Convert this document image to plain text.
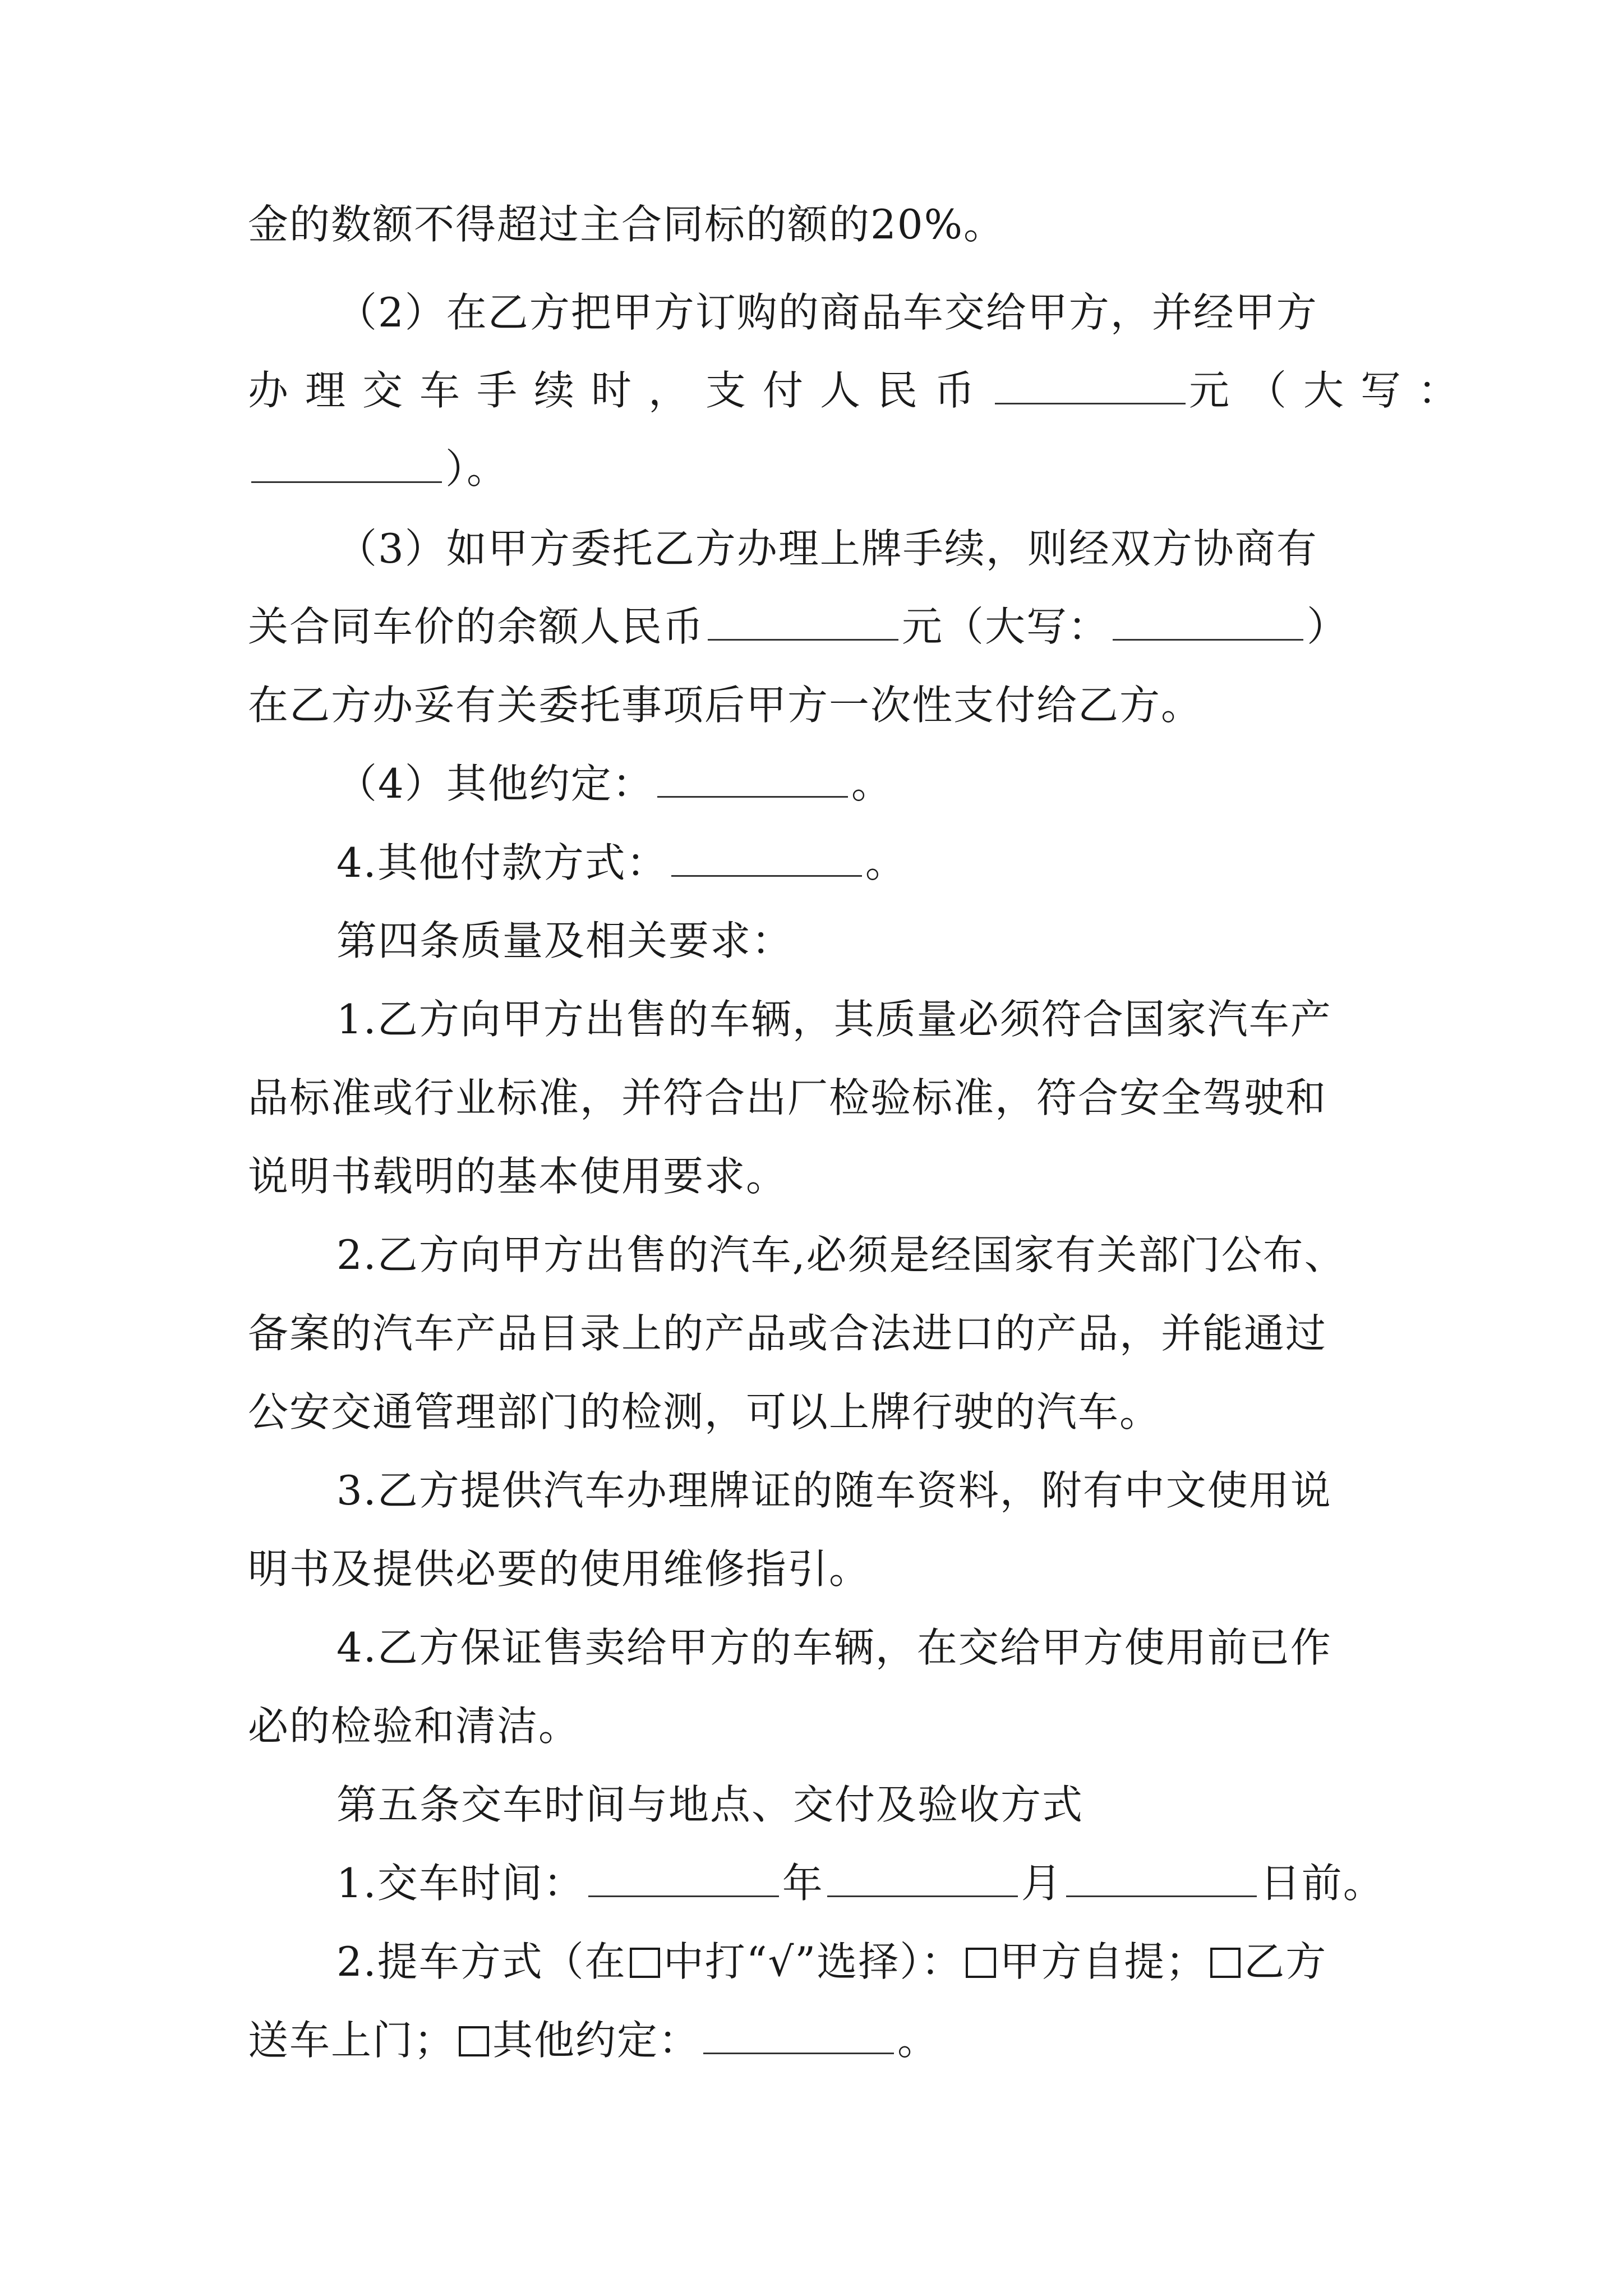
金的数额不得超过主合同标的额的20%。
（2）在乙方把甲方订购的商品车交给甲方，并经甲方
办理交车手续时，支付人民币	元（大写：
）。
（3）如甲方委托乙方办理上牌手续，则经双方协商有
关合同车价的余额人民币	元（大写：	）
在乙方办妥有关委托事项后甲方一次性支付给乙方。
（4）其他约定：	。
4.其他付款方式：	。
第四条质量及相关要求：
1.乙方向甲方出售的车辆，其质量必须符合国家汽车产
品标准或行业标准，并符合出厂检验标准，符合安全驾驶和
说明书载明的基本使用要求。
2.乙方向甲方出售的汽车,必须是经国家有关部门公布、
备案的汽车产品目录上的产品或合法进口的产品，并能通过
公安交通管理部门的检测，可以上牌行驶的汽车。
3.乙方提供汽车办理牌证的随车资料，附有中文使用说
明书及提供必要的使用维修指引。
4.乙方保证售卖给甲方的车辆，在交给甲方使用前已作
必的检验和清洁。
第五条交车时间与地点、交付及验收方式
1.交车时间：	年	月	日前。
2.提车方式（在 中打“√”选择）： 甲方自提； 乙方
送车上门； 其他约定：	。
